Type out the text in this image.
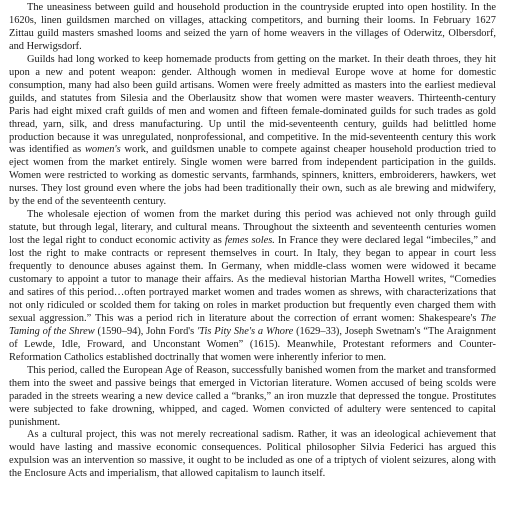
The uneasiness between guild and household production in the countryside erupted into open hostility. In the 1620s, linen guildsmen marched on villages, attacking competitors, and burning their looms. In February 1627 Zittau guild masters smashed looms and seized the yarn of home weavers in the villages of Oderwitz, Olbersdorf, and Herwigsdorf.

Guilds had long worked to keep homemade products from getting on the market. In their death throes, they hit upon a new and potent weapon: gender. Although women in medieval Europe wove at home for domestic consumption, many had also been guild artisans. Women were freely admitted as masters into the earliest medieval guilds, and statutes from Silesia and the Oberlausitz show that women were master weavers. Thirteenth-century Paris had eight mixed craft guilds of men and women and fifteen female-dominated guilds for such trades as gold thread, yarn, silk, and dress manufacturing. Up until the mid-seventeenth century, guilds had belittled home production because it was unregulated, nonprofessional, and competitive. In the mid-seventeenth century this work was identified as women's work, and guildsmen unable to compete against cheaper household production tried to eject women from the market entirely. Single women were barred from independent participation in the guilds. Women were restricted to working as domestic servants, farmhands, spinners, knitters, embroiderers, hawkers, wet nurses. They lost ground even where the jobs had been traditionally their own, such as ale brewing and midwifery, by the end of the seventeenth century.

The wholesale ejection of women from the market during this period was achieved not only through guild statute, but through legal, literary, and cultural means. Throughout the sixteenth and seventeenth centuries women lost the legal right to conduct economic activity as femes soles. In France they were declared legal “imbeciles,” and lost the right to make contracts or represent themselves in court. In Italy, they began to appear in court less frequently to denounce abuses against them. In Germany, when middle-class women were widowed it became customary to appoint a tutor to manage their affairs. As the medieval historian Martha Howell writes, “Comedies and satires of this period…often portrayed market women and trades women as shrews, with characterizations that not only ridiculed or scolded them for taking on roles in market production but frequently even charged them with sexual aggression.” This was a period rich in literature about the correction of errant women: Shakespeare's The Taming of the Shrew (1590–94), John Ford's 'Tis Pity She's a Whore (1629–33), Joseph Swetnam's “The Araignment of Lewde, Idle, Froward, and Unconstant Women” (1615). Meanwhile, Protestant reformers and Counter-Reformation Catholics established doctrinally that women were inherently inferior to men.

This period, called the European Age of Reason, successfully banished women from the market and transformed them into the sweet and passive beings that emerged in Victorian literature. Women accused of being scolds were paraded in the streets wearing a new device called a “branks,” an iron muzzle that depressed the tongue. Prostitutes were subjected to fake drowning, whipped, and caged. Women convicted of adultery were sentenced to capital punishment.

As a cultural project, this was not merely recreational sadism. Rather, it was an ideological achievement that would have lasting and massive economic consequences. Political philosopher Silvia Federici has argued this expulsion was an intervention so massive, it ought to be included as one of a triptych of violent seizures, along with the Enclosure Acts and imperialism, that allowed capitalism to launch itself.
